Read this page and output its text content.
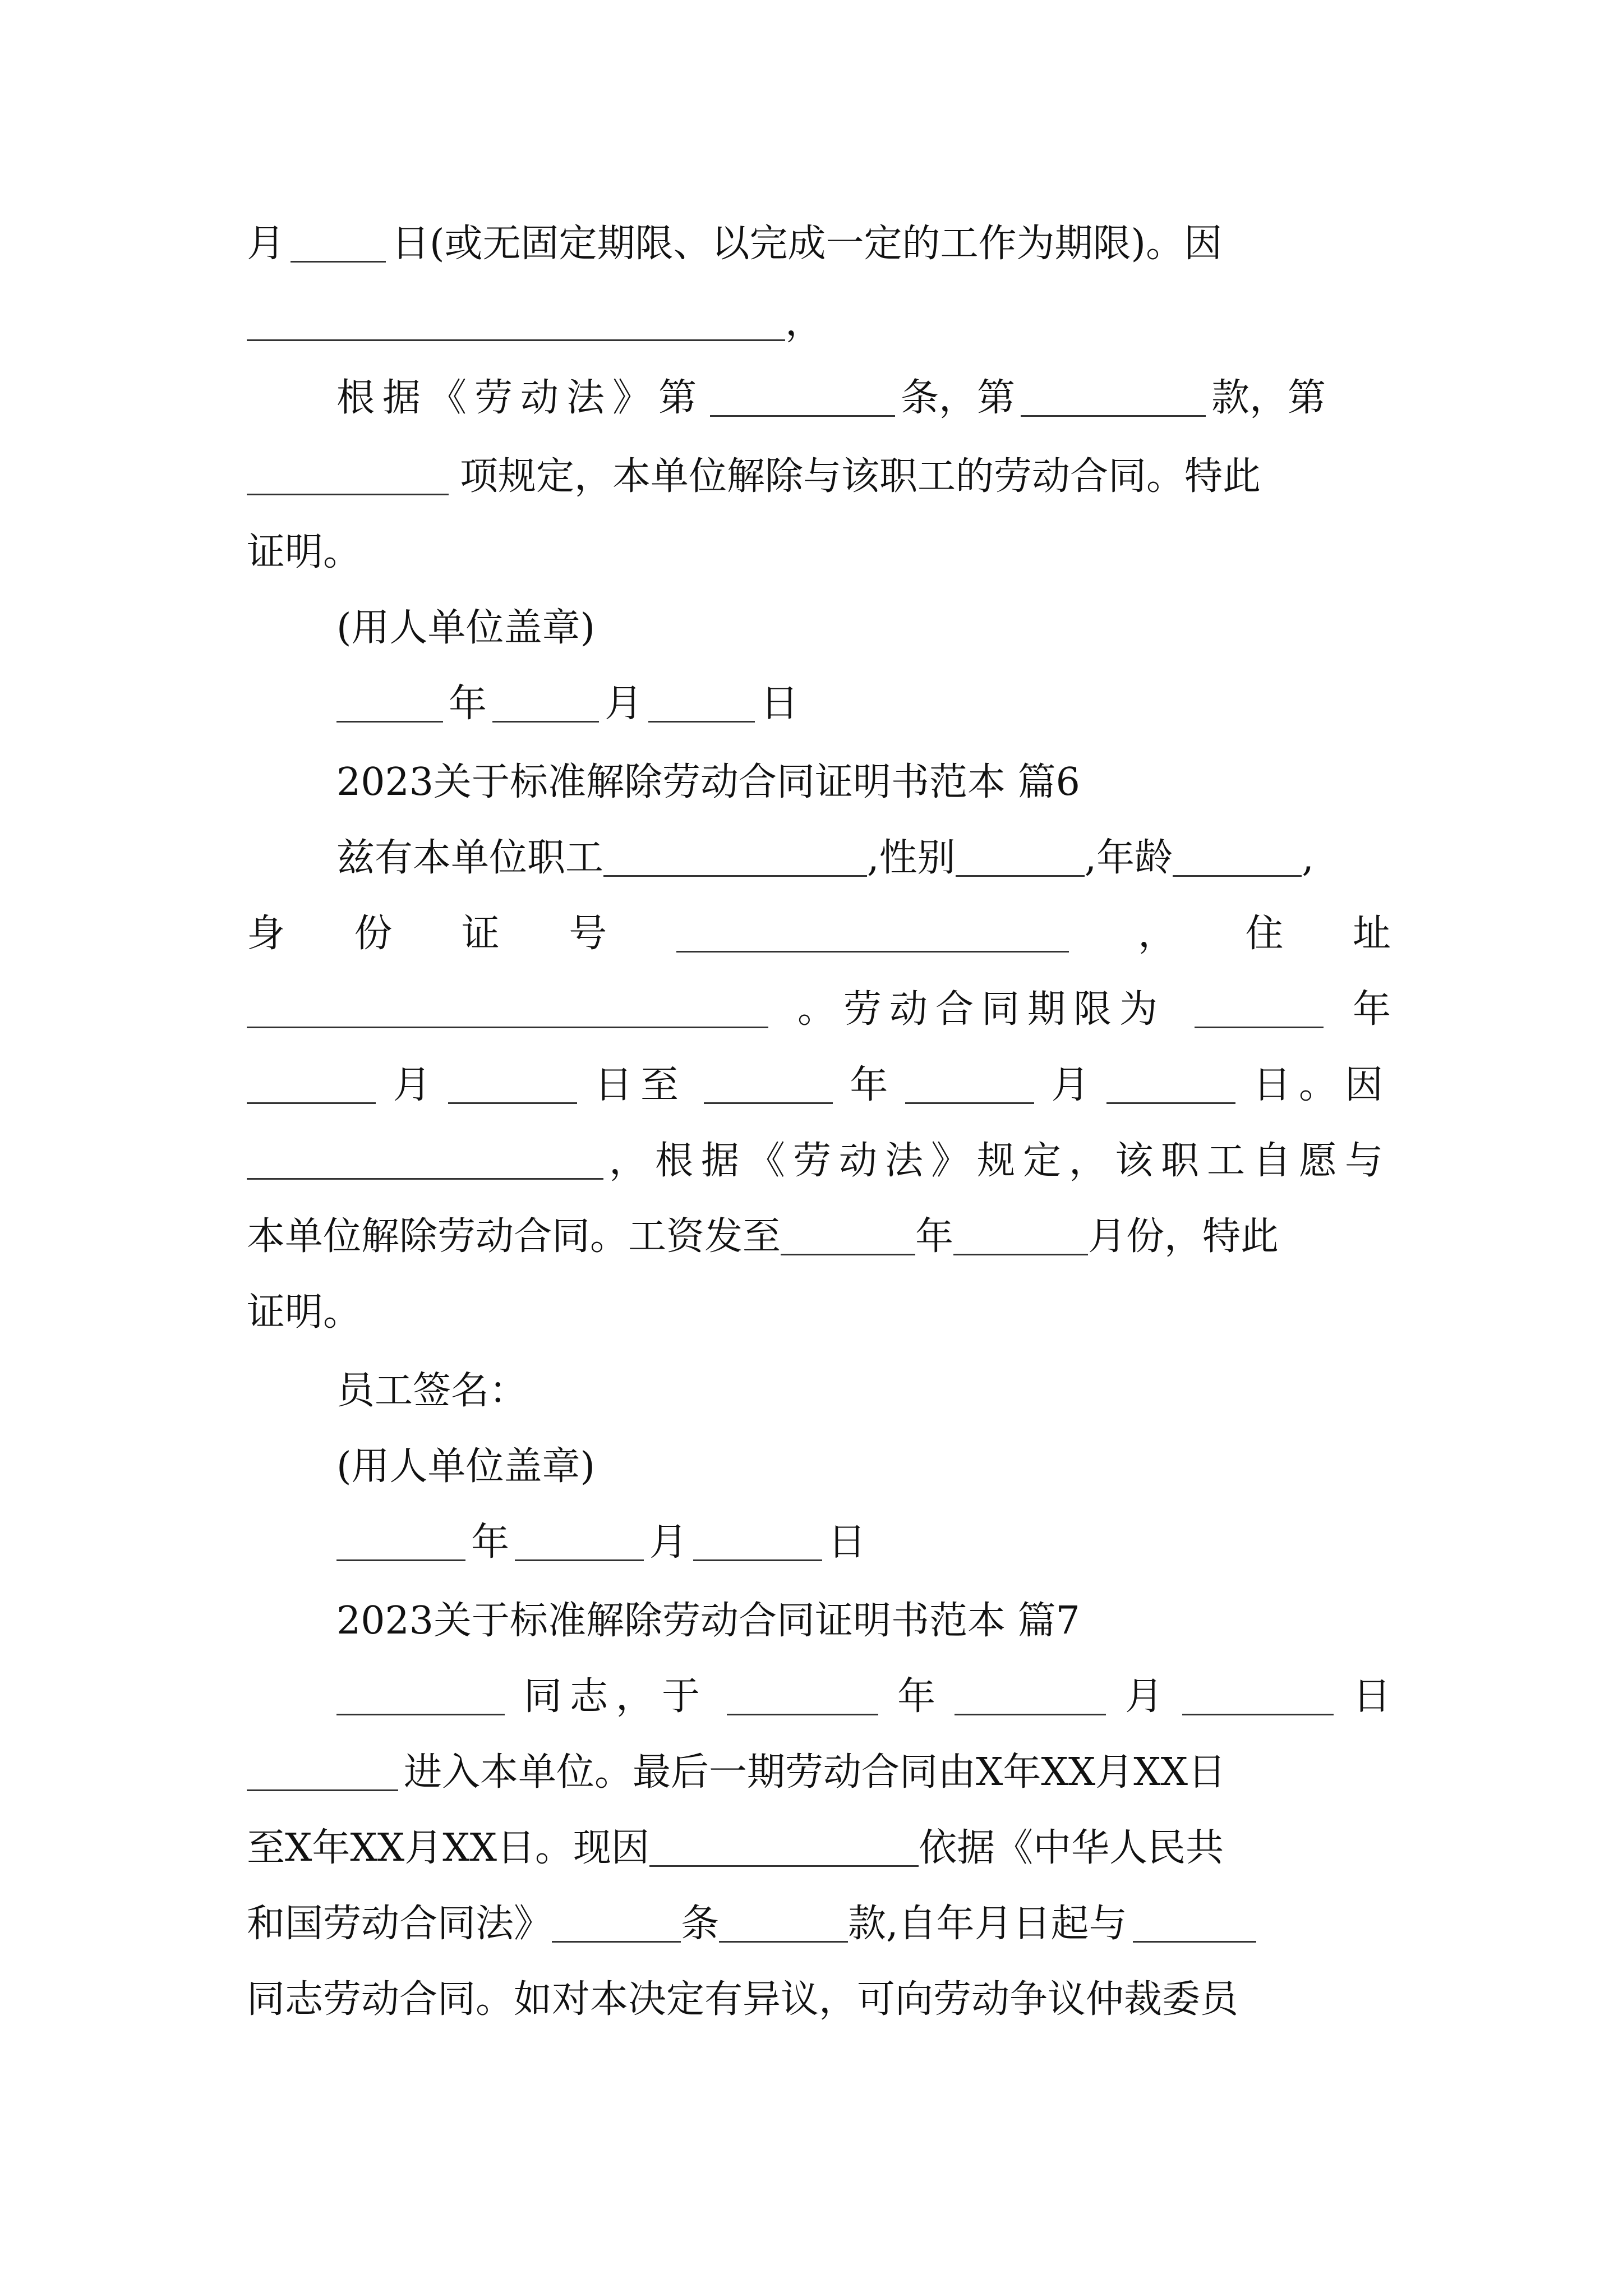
月	日(或无固定期限、以完成一定的工作为期限)。因
，
根据《劳动法》第	条，第	款，第
项规定，本单位解除与该职工的劳动合同。特此
证明。
(用人单位盖章)
年	月	日
2023关于标准解除劳动合同证明书范本 篇6
兹有本单位职工	,性别	,年龄	,
身 份 证 号	， 住 址
。劳动合同期限为	年
月	日至	年	月	日。因
，根据《劳动法》规定，该职工自愿与
本单位解除劳动合同。工资发至	年	月份，特此
证明。
员工签名：
(用人单位盖章)
年	月	日
2023关于标准解除劳动合同证明书范本 篇7
同志，于	年	月	日
进入本单位。最后一期劳动合同由X年XX月XX日
至X年XX月XX日。现因	依据《中华人民共
和国劳动合同法》	条	款,自年月日起与
同志劳动合同。如对本决定有异议，可向劳动争议仲裁委员
